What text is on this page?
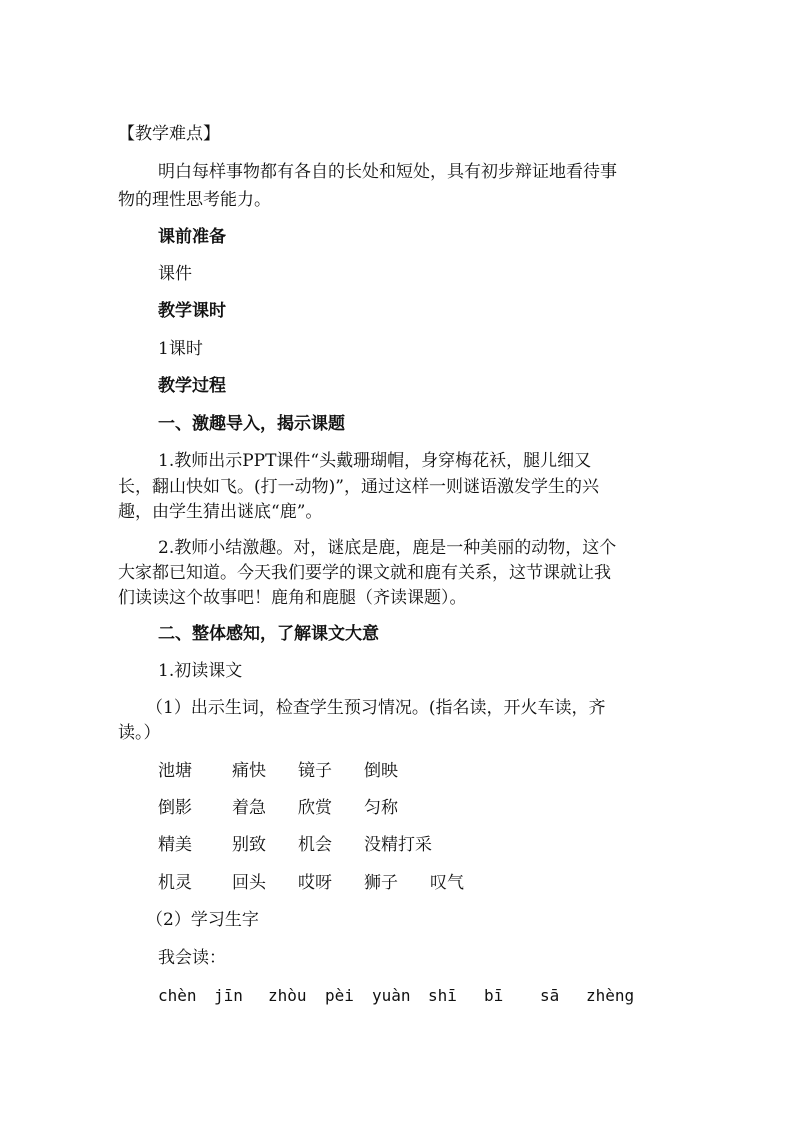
【教学难点】
明白每样事物都有各自的长处和短处，具有初步辩证地看待事
物的理性思考能力。
课前准备
课件
教学课时
1课时
教学过程
一、激趣导入，揭示课题
1.教师出示PPT课件“头戴珊瑚帽，身穿梅花袄，腿儿细又
长，翻山快如飞。(打一动物)”，通过这样一则谜语激发学生的兴
趣，由学生猜出谜底“鹿”。
2.教师小结激趣。对，谜底是鹿，鹿是一种美丽的动物，这个
大家都已知道。今天我们要学的课文就和鹿有关系，这节课就让我
们读读这个故事吧！鹿角和鹿腿（齐读课题）。
二、整体感知，了解课文大意
1.初读课文
（1）出示生词，检查学生预习情况。(指名读，开火车读，齐
读。）
池塘 痛快 镜子 倒映
倒影 着急 欣赏 匀称
精美 别致 机会 没精打采
机灵 回头 哎呀 狮子 叹气
（2）学习生字
我会读：
chèn jīn zhòu pèi yuàn shī bī sā zhèng
